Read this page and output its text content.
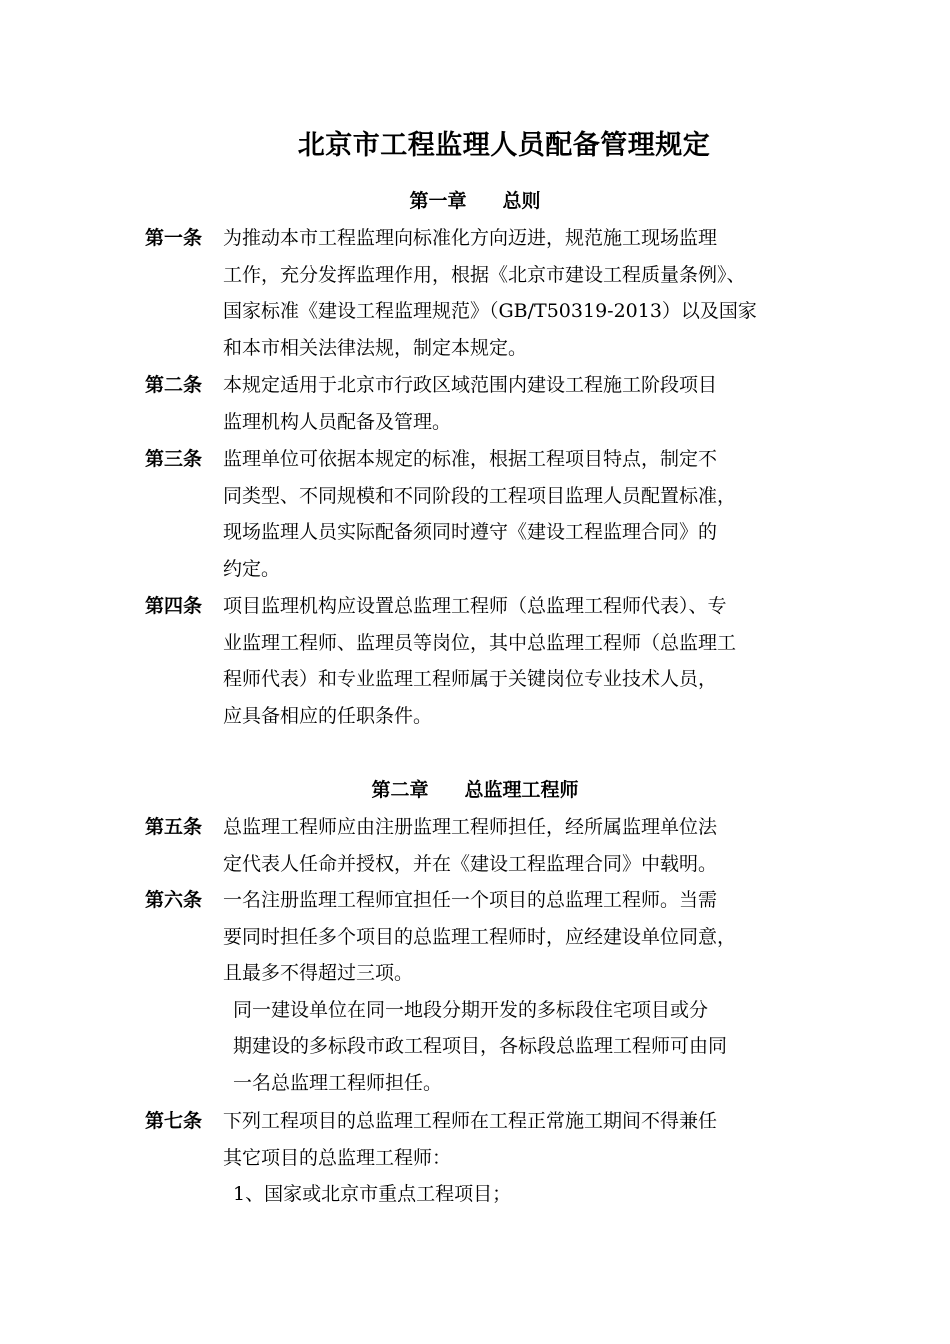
北京市工程监理人员配备管理规定
第一章 总则
第一条 为推动本市工程监理向标准化方向迈进，规范施工现场监理
工作，充分发挥监理作用，根据《北京市建设工程质量条例》、
国家标准《建设工程监理规范》（GB/T50319-2013）以及国家
和本市相关法律法规，制定本规定。
第二条 本规定适用于北京市行政区域范围内建设工程施工阶段项目
监理机构人员配备及管理。
第三条 监理单位可依据本规定的标准，根据工程项目特点，制定不
同类型、不同规模和不同阶段的工程项目监理人员配置标准，
现场监理人员实际配备须同时遵守《建设工程监理合同》的
约定。
第四条 项目监理机构应设置总监理工程师（总监理工程师代表）、专
业监理工程师、监理员等岗位，其中总监理工程师（总监理工
程师代表）和专业监理工程师属于关键岗位专业技术人员，
应具备相应的任职条件。
第二章 总监理工程师
第五条 总监理工程师应由注册监理工程师担任，经所属监理单位法
定代表人任命并授权，并在《建设工程监理合同》中载明。
第六条 一名注册监理工程师宜担任一个项目的总监理工程师。当需
要同时担任多个项目的总监理工程师时，应经建设单位同意，
且最多不得超过三项。
同一建设单位在同一地段分期开发的多标段住宅项目或分
期建设的多标段市政工程项目，各标段总监理工程师可由同
一名总监理工程师担任。
第七条 下列工程项目的总监理工程师在工程正常施工期间不得兼任
其它项目的总监理工程师：
1、国家或北京市重点工程项目；
